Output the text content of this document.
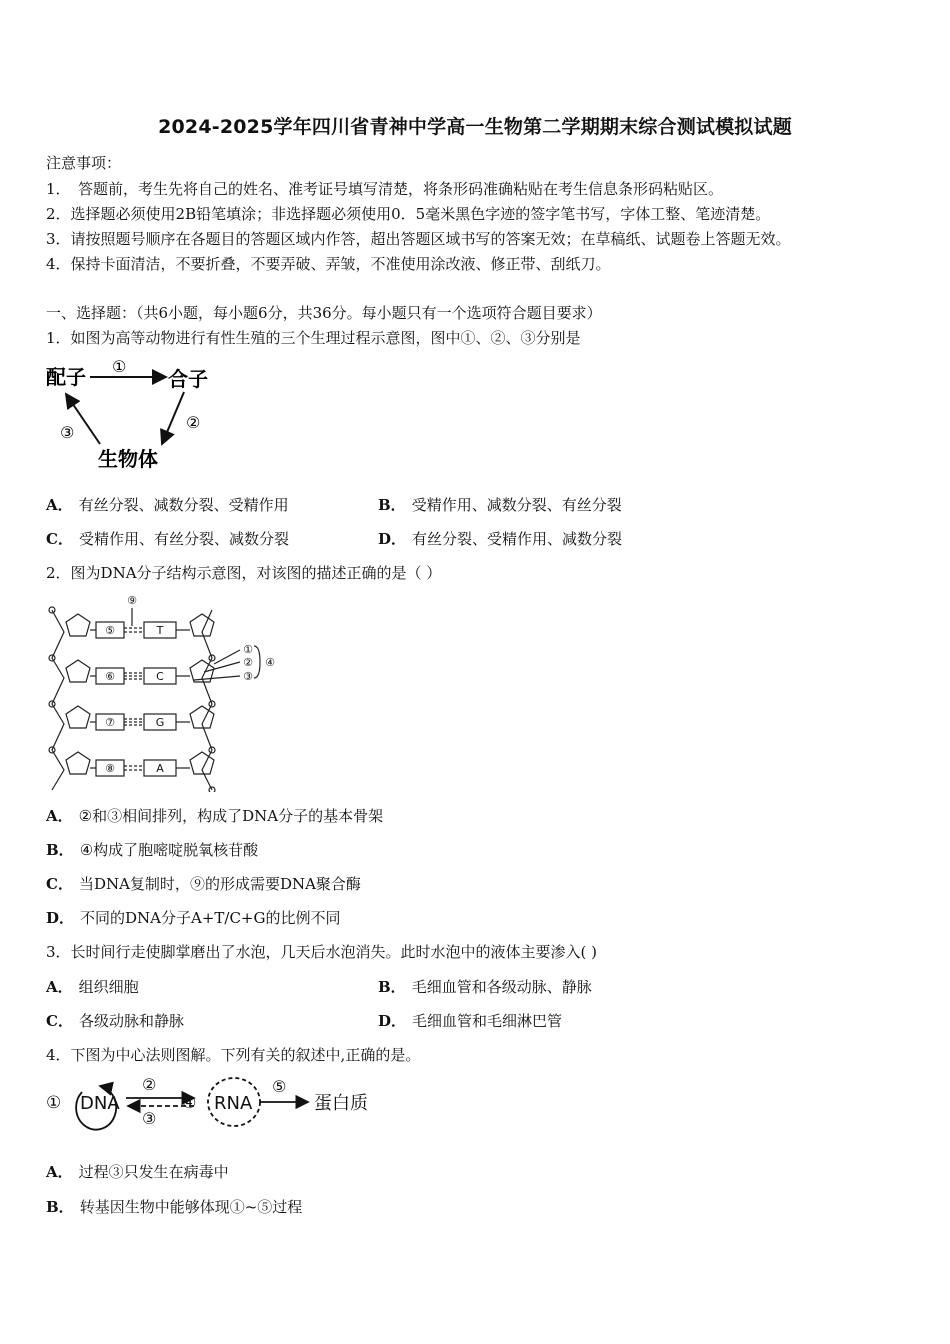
2024-2025学年四川省青神中学高一生物第二学期期末综合测试模拟试题
注意事项：
1．　答题前，考生先将自己的姓名、准考证号填写清楚，将条形码准确粘贴在考生信息条形码粘贴区。
2．选择题必须使用2B铅笔填涂；非选择题必须使用0．5毫米黑色字迹的签字笔书写，字体工整、笔迹清楚。
3．请按照题号顺序在各题目的答题区域内作答，超出答题区域书写的答案无效；在草稿纸、试题卷上答题无效。
4．保持卡面清洁，不要折叠，不要弄破、弄皱，不准使用涂改液、修正带、刮纸刀。
一、选择题：（共6小题，每小题6分，共36分。每小题只有一个选项符合题目要求）
1．如图为高等动物进行有性生殖的三个生理过程示意图，图中①、②、③分别是
配子	合子
生物体
①
②
③
A． 有丝分裂、减数分裂、受精作用	B． 受精作用、减数分裂、有丝分裂
C． 受精作用、有丝分裂、减数分裂	D． 有丝分裂、受精作用、减数分裂
2．图为DNA分子结构示意图，对该图的描述正确的是（ ）
⑤
⑥
⑦
⑧
T
C
G
A
⑨
①
②
③
④
A． ②和③相间排列，构成了DNA分子的基本骨架
B． ④构成了胞嘧啶脱氧核苷酸
C． 当DNA复制时，⑨的形成需要DNA聚合酶
D． 不同的DNA分子A+T/C+G的比例不同
3．长时间行走使脚掌磨出了水泡，几天后水泡消失。此时水泡中的液体主要渗入( )
A． 组织细胞	B． 毛细血管和各级动脉、静脉
C． 各级动脉和静脉	D． 毛细血管和毛细淋巴管
4．下图为中心法则图解。下列有关的叙述中,正确的是。
① DNA
②
③
④ RNA
⑤
蛋白质
A． 过程③只发生在病毒中
B． 转基因生物中能够体现①~⑤过程
